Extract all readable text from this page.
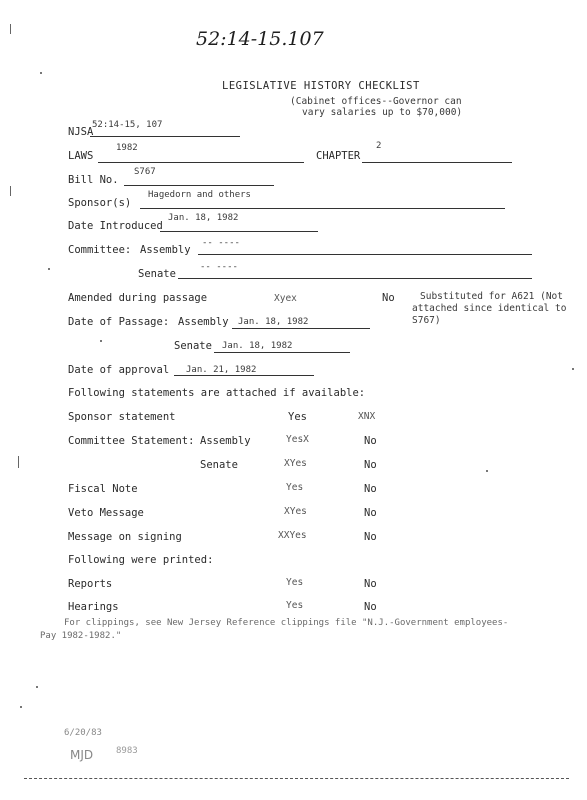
52:14-15.107
LEGISLATIVE HISTORY CHECKLIST
(Cabinet offices--Governor can
vary salaries up to $70,000)
NJSA
52:14-15, 107
LAWS
1982
CHAPTER
2
Bill No.
S767
Sponsor(s)
Hagedorn and others
Date Introduced
Jan. 18, 1982
Committee: Assembly
-- ----
Senate
-- ----
Amended during passage	Xyex	No	Substituted for A621 (Not
attached since identical to
S767)
Date of Passage: Assembly Jan. 18, 1982
Senate Jan. 18, 1982
Date of approval Jan. 21, 1982
Following statements are attached if available:
Sponsor statement	Yes	XNX
Committee Statement: Assembly	YesX	No
Senate	XYes	No
Fiscal Note	Yes	No
Veto Message	XYes	No
Message on signing	XXYes	No
Following were printed:
Reports	Yes	No
Hearings	Yes	No
For clippings, see New Jersey Reference clippings file "N.J.-Government employees-
Pay 1982-1982."
6/20/83
MJD	8983
